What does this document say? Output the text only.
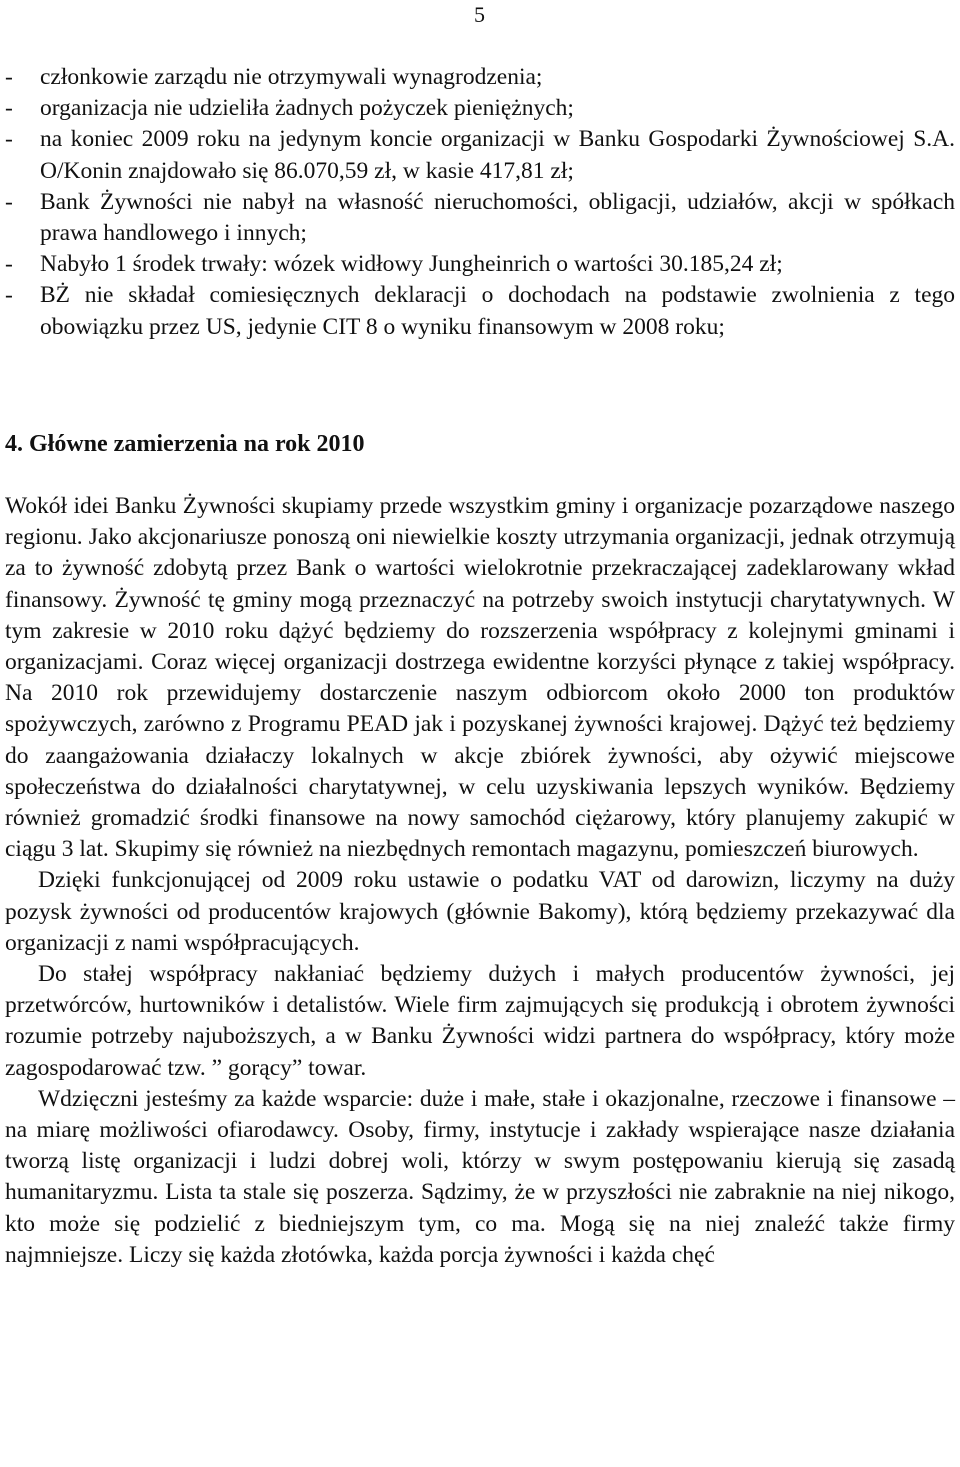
5
- członkowie zarządu nie otrzymywali wynagrodzenia;
- organizacja nie udzieliła żadnych pożyczek pieniężnych;
- na koniec 2009 roku na jedynym koncie organizacji w Banku Gospodarki Żywnościowej S.A. O/Konin znajdowało się 86.070,59 zł, w kasie 417,81 zł;
- Bank Żywności nie nabył na własność nieruchomości, obligacji, udziałów, akcji w spółkach prawa handlowego i innych;
- Nabyło 1 środek trwały: wózek widłowy Jungheinrich o wartości 30.185,24 zł;
- BŻ nie składał comiesięcznych deklaracji o dochodach na podstawie zwolnienia z tego obowiązku przez US, jedynie CIT 8 o wyniku finansowym w 2008 roku;
4. Główne zamierzenia na rok 2010

Wokół idei Banku Żywności skupiamy przede wszystkim gminy i organizacje pozarządowe naszego regionu. Jako akcjonariusze ponoszą oni niewielkie koszty utrzymania organizacji, jednak otrzymują za to żywność zdobytą przez Bank o wartości wielokrotnie przekraczającej zadeklarowany wkład finansowy. Żywność tę gminy mogą przeznaczyć na potrzeby swoich instytucji charytatywnych. W tym zakresie w 2010 roku dążyć będziemy do rozszerzenia współpracy z kolejnymi gminami i organizacjami. Coraz więcej organizacji dostrzega ewidentne korzyści płynące z takiej współpracy. Na 2010 rok przewidujemy dostarczenie naszym odbiorcom około 2000 ton produktów spożywczych, zarówno z Programu PEAD jak i pozyskanej żywności krajowej. Dążyć też będziemy do zaangażowania działaczy lokalnych w akcje zbiórek żywności, aby ożywić miejscowe społeczeństwa do działalności charytatywnej, w celu uzyskiwania lepszych wyników. Będziemy również gromadzić środki finansowe na nowy samochód ciężarowy, który planujemy zakupić w ciągu 3 lat. Skupimy się również na niezbędnych remontach magazynu, pomieszczeń biurowych.

Dzięki funkcjonującej od 2009 roku ustawie o podatku VAT od darowizn, liczymy na duży pozysk żywności od producentów krajowych (głównie Bakomy), którą będziemy przekazywać dla organizacji z nami współpracujących.

Do stałej współpracy nakłaniać będziemy dużych i małych producentów żywności, jej przetwórców, hurtowników i detalistów. Wiele firm zajmujących się produkcją i obrotem żywności rozumie potrzeby najuboższych, a w Banku Żywności widzi partnera do współpracy, który może zagospodarować tzw. ” gorący” towar.

Wdzięczni jesteśmy za każde wsparcie: duże i małe, stałe i okazjonalne, rzeczowe i finansowe – na miarę możliwości ofiarodawcy. Osoby, firmy, instytucje i zakłady wspierające nasze działania tworzą listę organizacji i ludzi dobrej woli, którzy w swym postępowaniu kierują się zasadą humanitaryzmu. Lista ta stale się poszerza. Sądzimy, że w przyszłości nie zabraknie na niej nikogo, kto może się podzielić z biedniejszym tym, co ma. Mogą się na niej znaleźć także firmy najmniejsze. Liczy się każda złotówka, każda porcja żywności i każda chęć
